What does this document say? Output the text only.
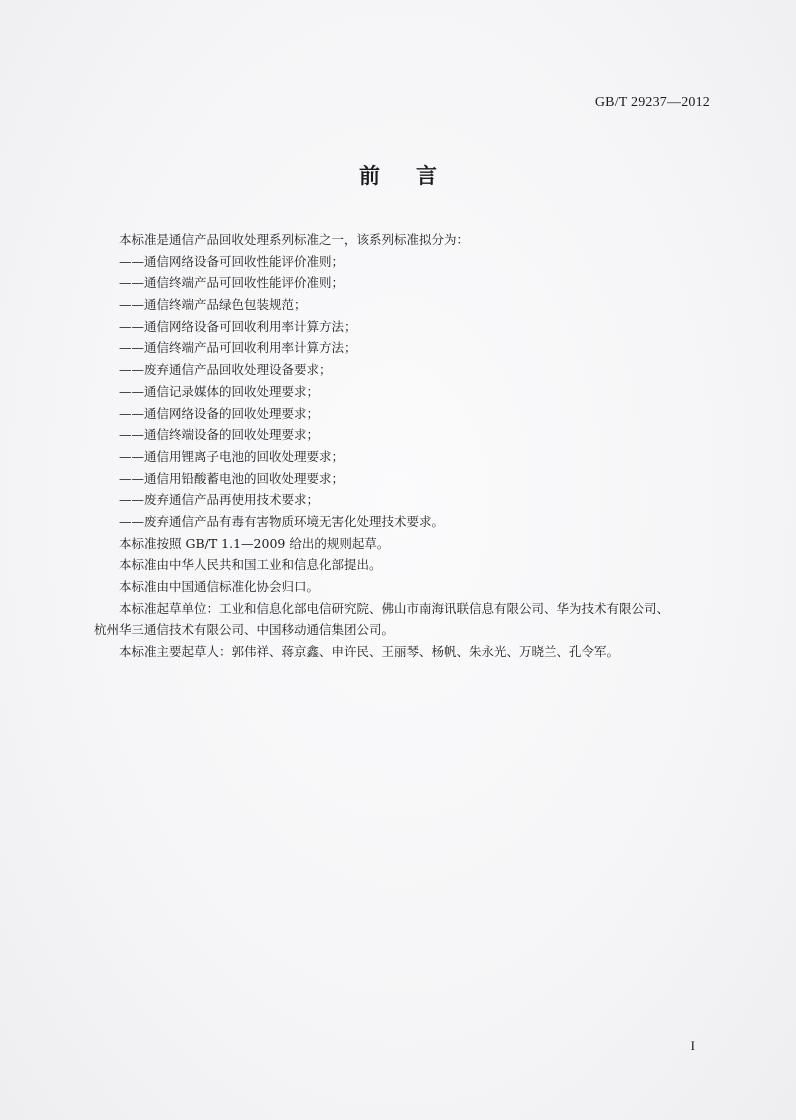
GB/T 29237—2012
前言
本标准是通信产品回收处理系列标准之一，该系列标准拟分为：
——通信网络设备可回收性能评价准则；
——通信终端产品可回收性能评价准则；
——通信终端产品绿色包装规范；
——通信网络设备可回收利用率计算方法；
——通信终端产品可回收利用率计算方法；
——废弃通信产品回收处理设备要求；
——通信记录媒体的回收处理要求；
——通信网络设备的回收处理要求；
——通信终端设备的回收处理要求；
——通信用锂离子电池的回收处理要求；
——通信用铅酸蓄电池的回收处理要求；
——废弃通信产品再使用技术要求；
——废弃通信产品有毒有害物质环境无害化处理技术要求。
本标准按照 GB/T 1.1—2009 给出的规则起草。
本标准由中华人民共和国工业和信息化部提出。
本标准由中国通信标准化协会归口。
本标准起草单位：工业和信息化部电信研究院、佛山市南海讯联信息有限公司、华为技术有限公司、
杭州华三通信技术有限公司、中国移动通信集团公司。
本标准主要起草人：郭伟祥、蒋京鑫、申许民、王丽琴、杨帆、朱永光、万晓兰、孔令军。
I
